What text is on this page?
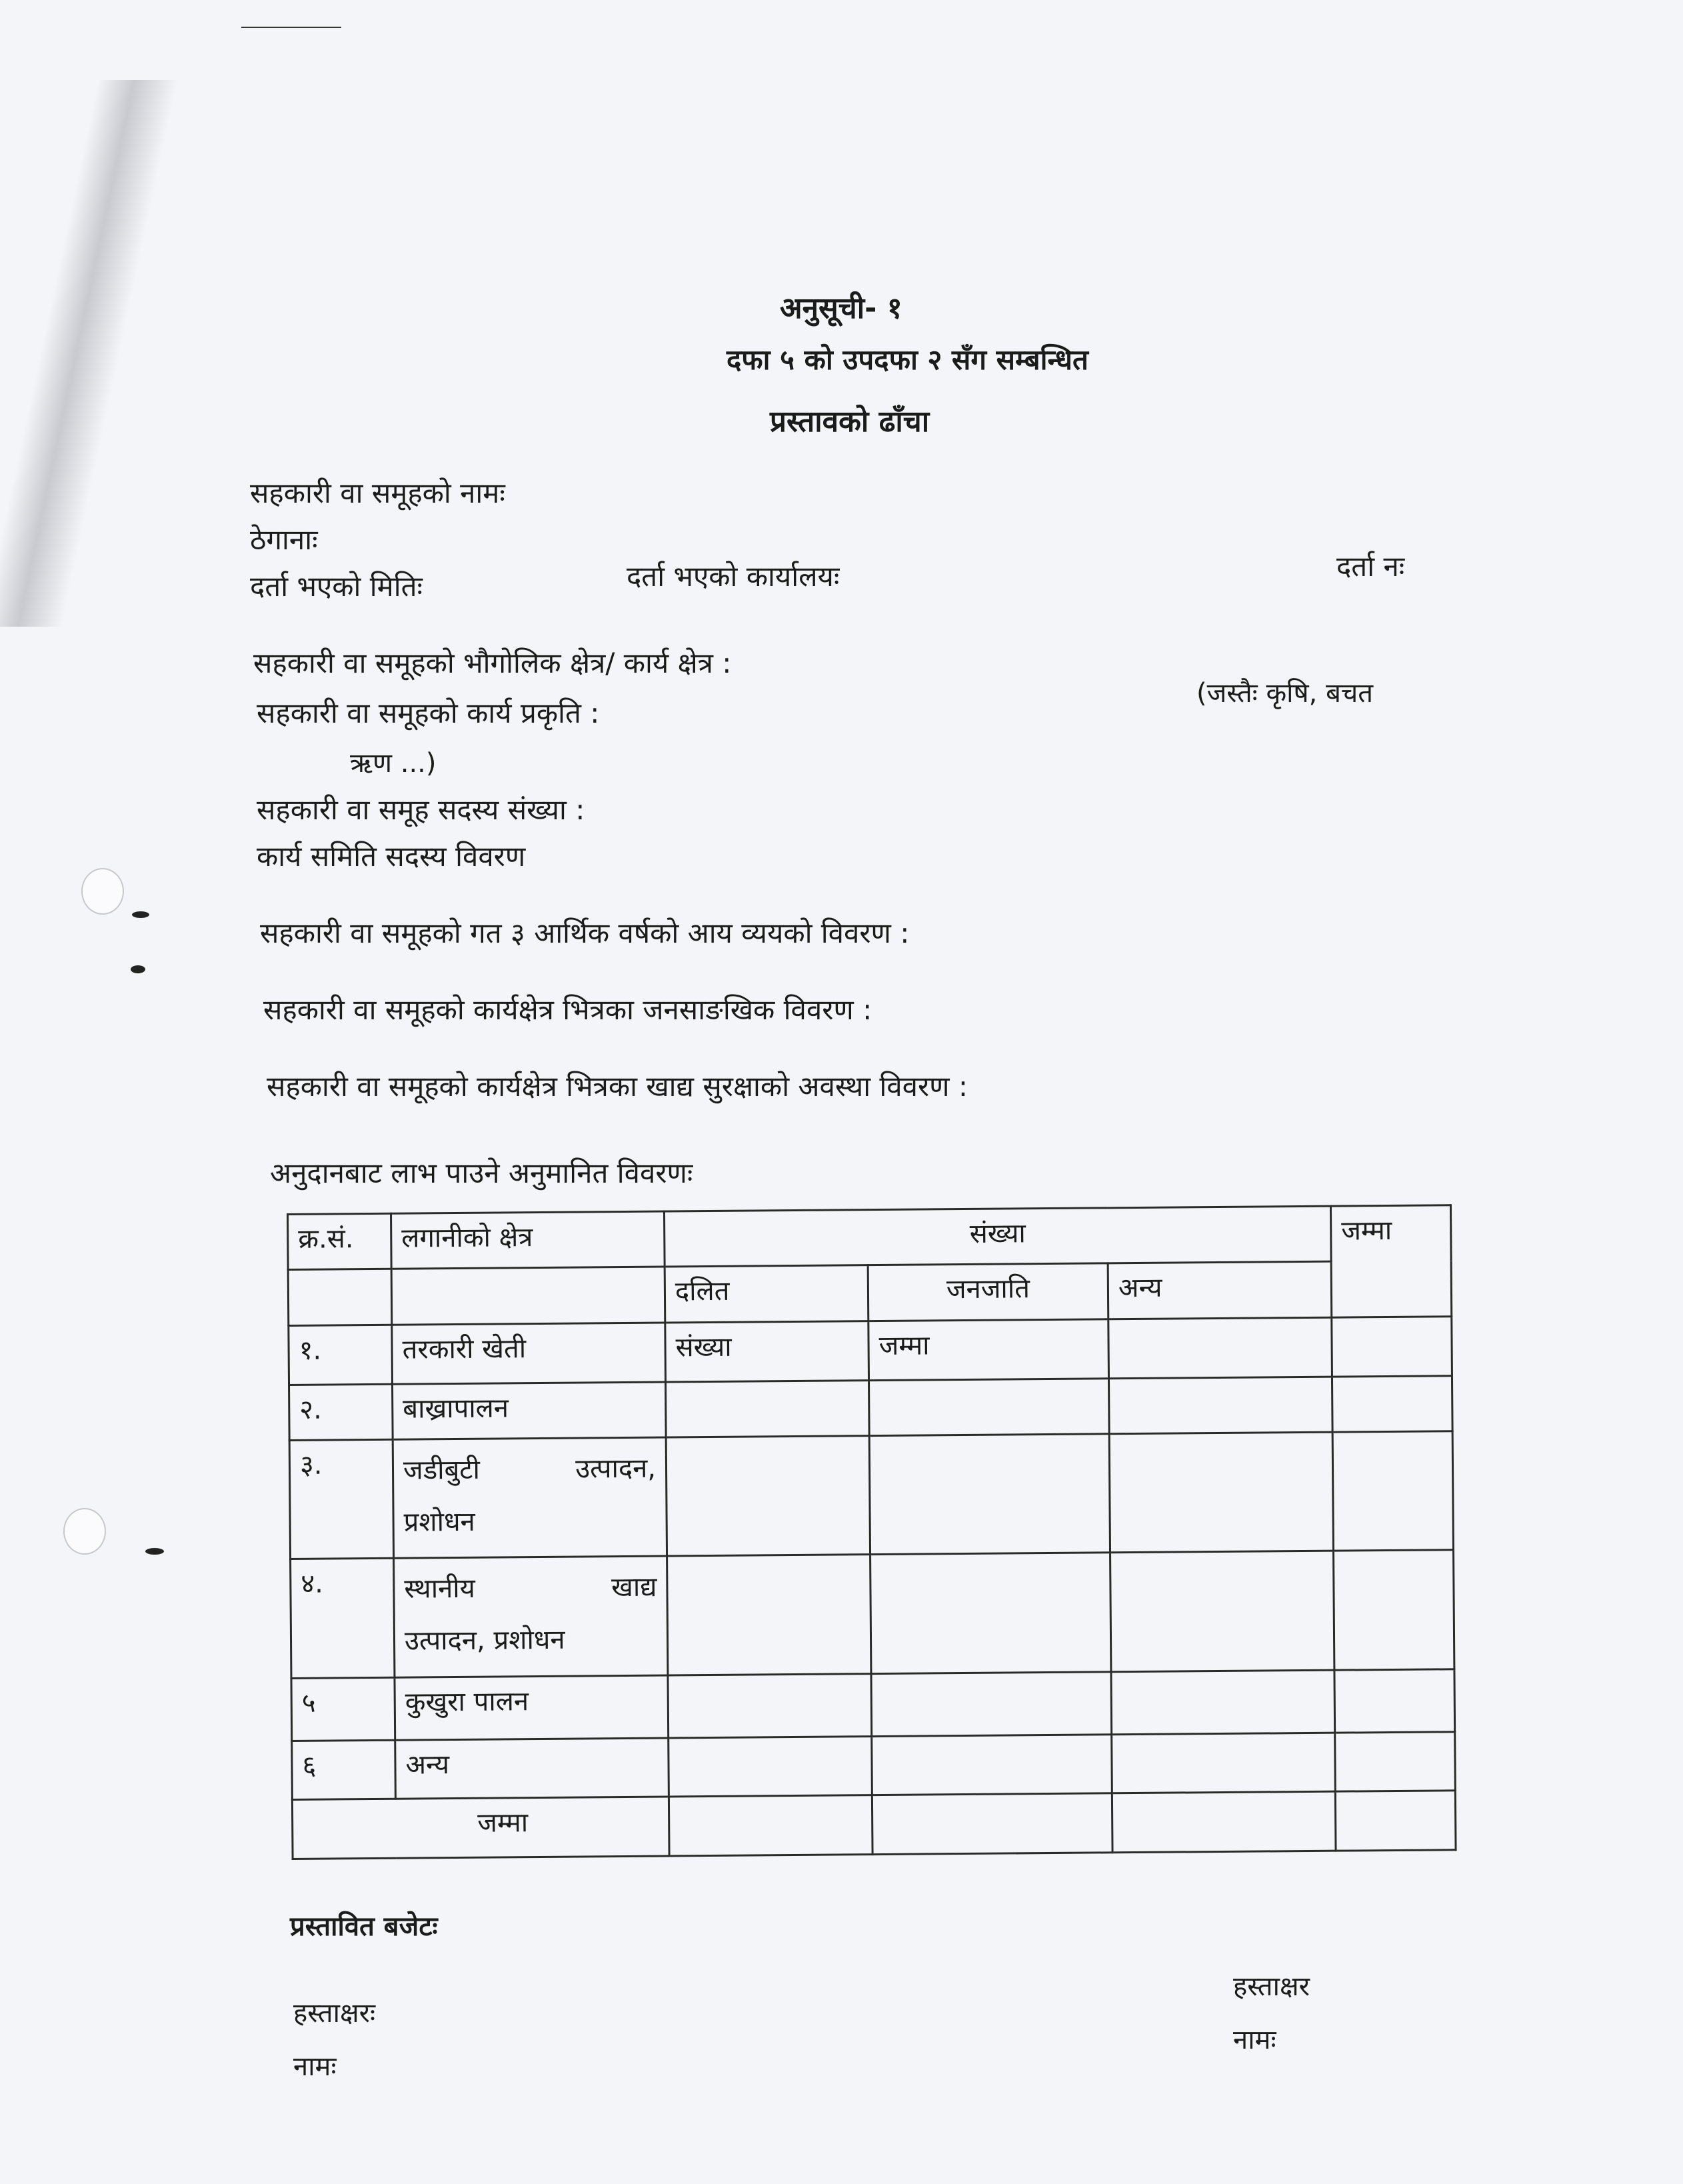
अनुसूची- १
दफा ५ को उपदफा २ सँग सम्बन्धित
प्रस्तावको ढाँचा
सहकारी वा समूहको नामः
ठेगानाः
दर्ता भएको मितिः	दर्ता भएको कार्यालयः	दर्ता नः
सहकारी वा समूहको भौगोलिक क्षेत्र/ कार्य क्षेत्र :
सहकारी वा समूहको कार्य प्रकृति :
(जस्तैः कृषि, बचत
ऋण ...)
सहकारी वा समूह सदस्य संख्या :
कार्य समिति सदस्य विवरण
सहकारी वा समूहको गत ३ आर्थिक वर्षको आय व्ययको विवरण :
सहकारी वा समूहको कार्यक्षेत्र भित्रका जनसाङखिक विवरण :
सहकारी वा समूहको कार्यक्षेत्र भित्रका खाद्य सुरक्षाको अवस्था विवरण :
अनुदानबाट लाभ पाउने अनुमानित विवरणः
क्र.सं.	लगानीको क्षेत्र	संख्या			जम्मा
		दलित	जनजाति	अन्य	
१.	तरकारी खेती	संख्या	जम्मा		
२.	बाख्रापालन				
३.	जडीबुटी उत्पादन,
प्रशोधन				

४.	स्थानीय खाद्य
उत्पादन, प्रशोधन				

५	कुखुरा पालन				
६	अन्य				
जम्मा					
प्रस्तावित बजेटः
हस्ताक्षरः
नामः
हस्ताक्षर
नामः
